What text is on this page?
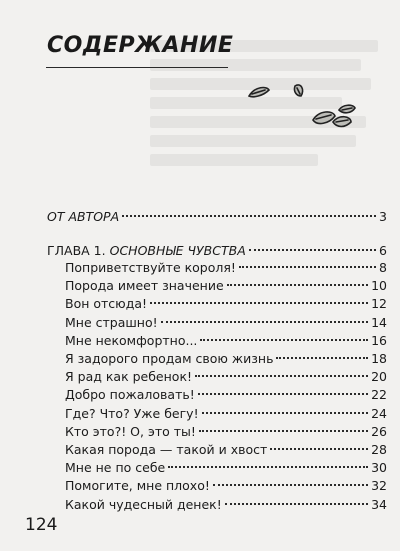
СОДЕРЖАНИЕ
ОТ АВТОРА	3
ГЛАВА 1. ОСНОВНЫЕ ЧУВСТВА	6
Поприветствуйте короля!	8
Порода имеет значение	10
Вон отсюда!	12
Мне страшно!	14
Мне некомфортно...	16
Я задорого продам свою жизнь	18
Я рад как ребенок!	20
Добро пожаловать!	22
Где? Что? Уже бегу!	24
Кто это?! О, это ты!	26
Какая порода — такой и хвост	28
Мне не по себе	30
Помогите, мне плохо!	32
Какой чудесный денек!	34
124
